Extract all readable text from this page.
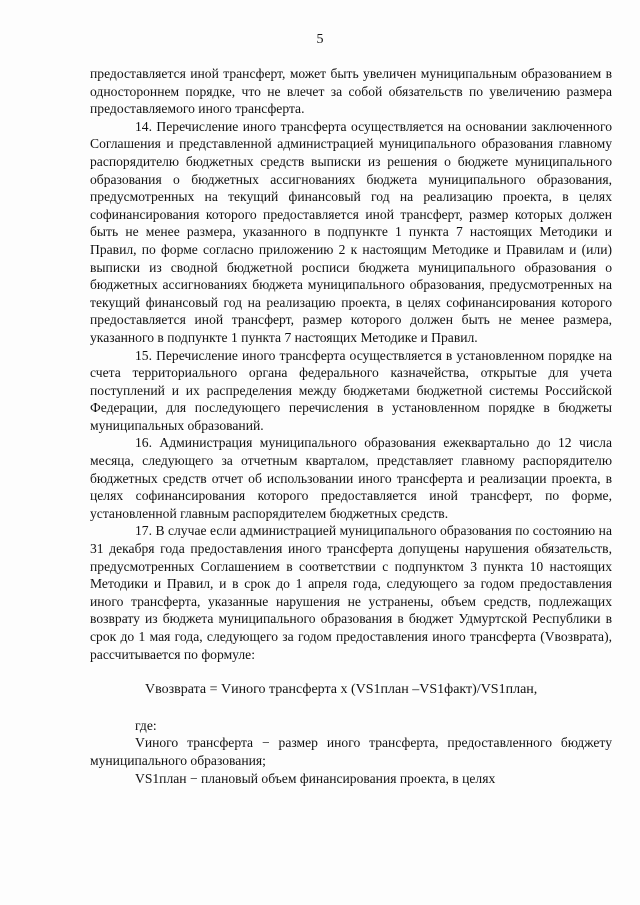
5

предоставляется иной трансферт, может быть увеличен муниципальным образованием в одностороннем порядке, что не влечет за собой обязательств по увеличению размера предоставляемого иного трансферта.

14. Перечисление иного трансферта осуществляется на основании заключенного Соглашения и представленной администрацией муниципального образования главному распорядителю бюджетных средств выписки из решения о бюджете муниципального образования о бюджетных ассигнованиях бюджета муниципального образования, предусмотренных на текущий финансовый год на реализацию проекта, в целях софинансирования которого предоставляется иной трансферт, размер которых должен быть не менее размера, указанного в подпункте 1 пункта 7 настоящих Методики и Правил, по форме согласно приложению 2 к настоящим Методике и Правилам и (или) выписки из сводной бюджетной росписи бюджета муниципального образования о бюджетных ассигнованиях бюджета муниципального образования, предусмотренных на текущий финансовый год на реализацию проекта, в целях софинансирования которого предоставляется иной трансферт, размер которого должен быть не менее размера, указанного в подпункте 1 пункта 7 настоящих Методике и Правил.

15. Перечисление иного трансферта осуществляется в установленном порядке на счета территориального органа федерального казначейства, открытые для учета поступлений и их распределения между бюджетами бюджетной системы Российской Федерации, для последующего перечисления в установленном порядке в бюджеты муниципальных образований.

16. Администрация муниципального образования ежеквартально до 12 числа месяца, следующего за отчетным кварталом, представляет главному распорядителю бюджетных средств отчет об использовании иного трансферта и реализации проекта, в целях софинансирования которого предоставляется иной трансферт, по форме, установленной главным распорядителем бюджетных средств.

17. В случае если администрацией муниципального образования по состоянию на 31 декабря года предоставления иного трансферта допущены нарушения обязательств, предусмотренных Соглашением в соответствии с подпунктом 3 пункта 10 настоящих Методики и Правил, и в срок до 1 апреля года, следующего за годом предоставления иного трансферта, указанные нарушения не устранены, объем средств, подлежащих возврату из бюджета муниципального образования в бюджет Удмуртской Республики в срок до 1 мая года, следующего за годом предоставления иного трансферта (Vвозврата), рассчитывается по формуле:

Vвозврата = Vиного трансферта x (VS1план –VS1факт)/VS1план,

где:

Vиного трансферта − размер иного трансферта, предоставленного бюджету муниципального образования;

VS1план − плановый объем финансирования проекта, в целях
